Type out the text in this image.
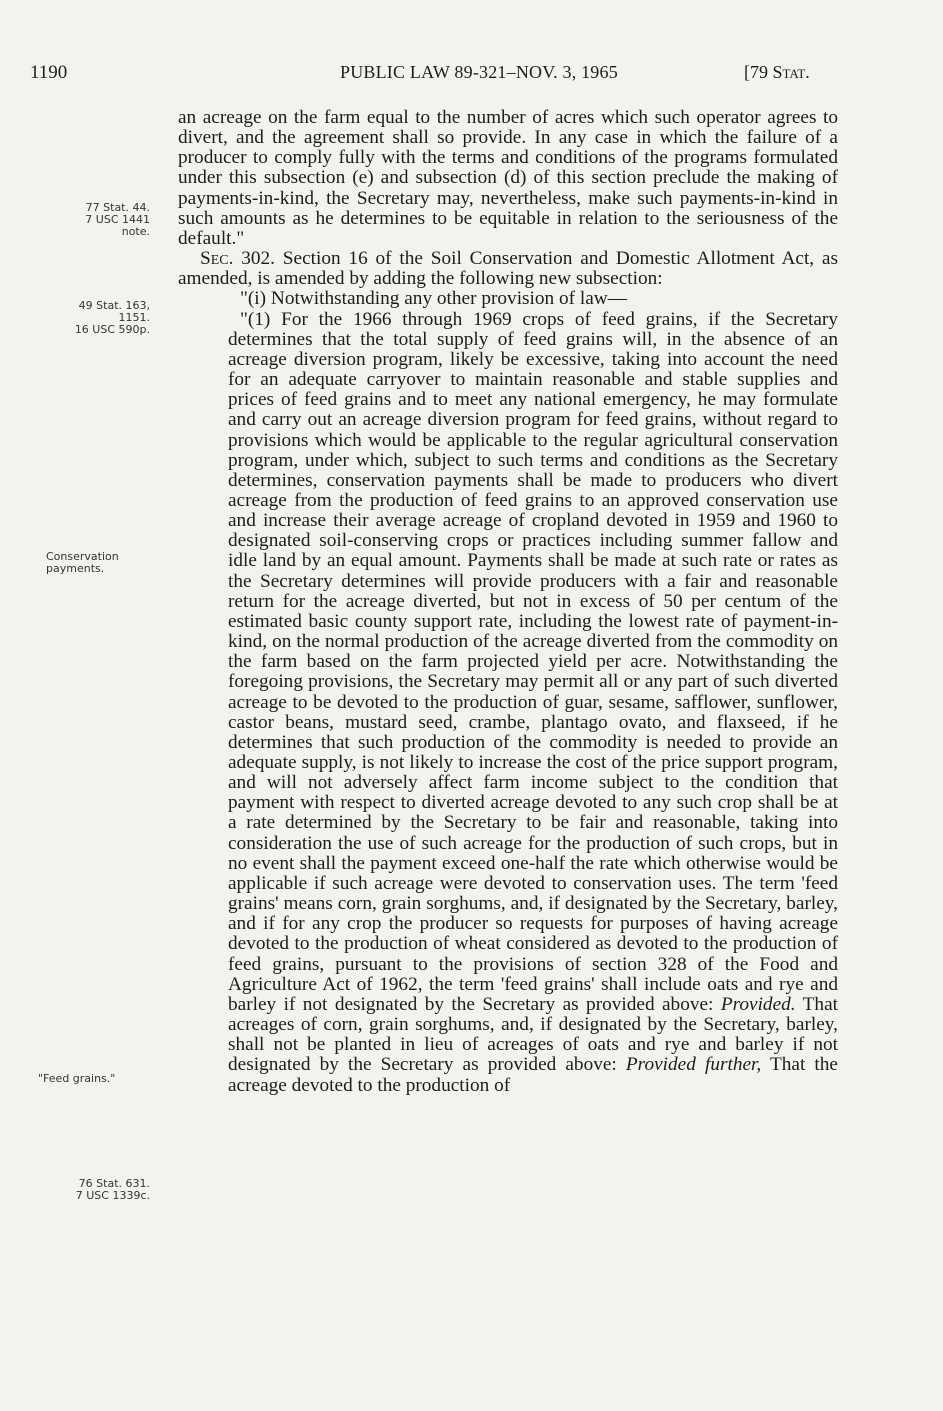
1190	PUBLIC LAW 89-321–NOV. 3, 1965	[79 Stat.
77 Stat. 44.
7 USC 1441
note.
49 Stat. 163,
1151.
16 USC 590p.
Conservation
payments.
"Feed grains."
76 Stat. 631.
7 USC 1339c.

an acreage on the farm equal to the number of acres which such operator agrees to divert, and the agreement shall so provide. In any case in which the failure of a producer to comply fully with the terms and conditions of the programs formulated under this subsection (e) and subsection (d) of this section preclude the making of payments-in-kind, the Secretary may, nevertheless, make such payments-in-kind in such amounts as he determines to be equitable in relation to the seriousness of the default."

Sec. 302. Section 16 of the Soil Conservation and Domestic Allotment Act, as amended, is amended by adding the following new subsection:

"(i) Notwithstanding any other provision of law—

"(1) For the 1966 through 1969 crops of feed grains, if the Secretary determines that the total supply of feed grains will, in the absence of an acreage diversion program, likely be excessive, taking into account the need for an adequate carryover to maintain reasonable and stable supplies and prices of feed grains and to meet any national emergency, he may formulate and carry out an acreage diversion program for feed grains, without regard to provisions which would be applicable to the regular agricultural conservation program, under which, subject to such terms and conditions as the Secretary determines, conservation payments shall be made to producers who divert acreage from the production of feed grains to an approved conservation use and increase their average acreage of cropland devoted in 1959 and 1960 to designated soil-conserving crops or practices including summer fallow and idle land by an equal amount. Payments shall be made at such rate or rates as the Secretary determines will provide producers with a fair and reasonable return for the acreage diverted, but not in excess of 50 per centum of the estimated basic county support rate, including the lowest rate of payment-in-kind, on the normal production of the acreage diverted from the commodity on the farm based on the farm projected yield per acre. Notwithstanding the foregoing provisions, the Secretary may permit all or any part of such diverted acreage to be devoted to the production of guar, sesame, safflower, sunflower, castor beans, mustard seed, crambe, plantago ovato, and flaxseed, if he determines that such production of the commodity is needed to provide an adequate supply, is not likely to increase the cost of the price support program, and will not adversely affect farm income subject to the condition that payment with respect to diverted acreage devoted to any such crop shall be at a rate determined by the Secretary to be fair and reasonable, taking into consideration the use of such acreage for the production of such crops, but in no event shall the payment exceed one-half the rate which otherwise would be applicable if such acreage were devoted to conservation uses. The term 'feed grains' means corn, grain sorghums, and, if designated by the Secretary, barley, and if for any crop the producer so requests for purposes of having acreage devoted to the production of wheat considered as devoted to the production of feed grains, pursuant to the provisions of section 328 of the Food and Agriculture Act of 1962, the term 'feed grains' shall include oats and rye and barley if not designated by the Secretary as provided above: Provided. That acreages of corn, grain sorghums, and, if designated by the Secretary, barley, shall not be planted in lieu of acreages of oats and rye and barley if not designated by the Secretary as provided above: Provided further, That the acreage devoted to the production of
